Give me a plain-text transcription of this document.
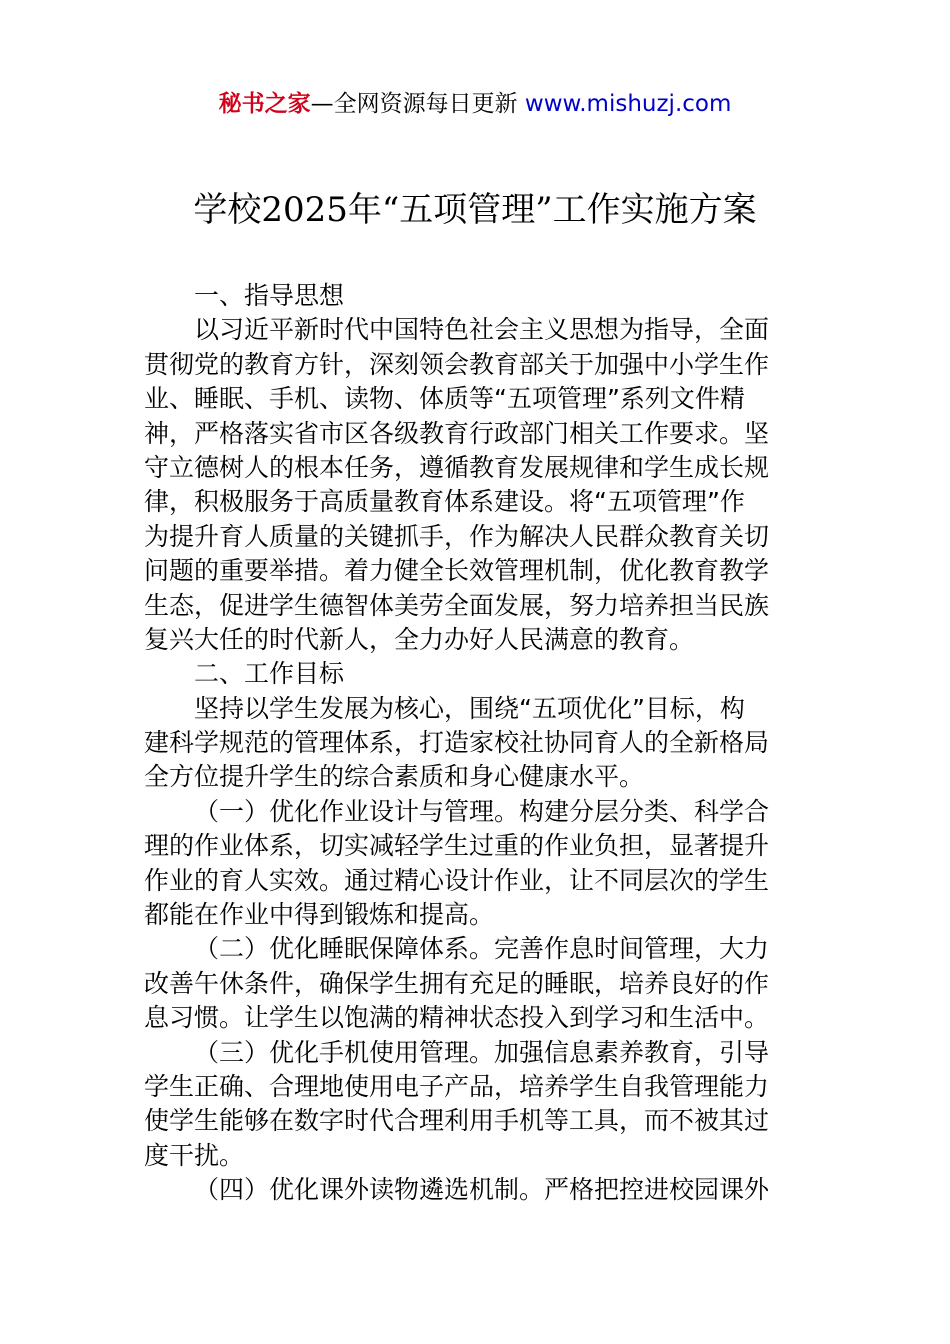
秘书之家—全网资源每日更新 www.mishuzj.com
学校2025年“五项管理”工作实施方案
一、指导思想
以习近平新时代中国特色社会主义思想为指导，全面
贯彻党的教育方针，深刻领会教育部关于加强中小学生作
业、睡眠、手机、读物、体质等“五项管理”系列文件精
神，严格落实省市区各级教育行政部门相关工作要求。坚
守立德树人的根本任务，遵循教育发展规律和学生成长规
律，积极服务于高质量教育体系建设。将“五项管理”作
为提升育人质量的关键抓手，作为解决人民群众教育关切
问题的重要举措。着力健全长效管理机制，优化教育教学
生态，促进学生德智体美劳全面发展，努力培养担当民族
复兴大任的时代新人，全力办好人民满意的教育。
二、工作目标
坚持以学生发展为核心，围绕“五项优化”目标，构
建科学规范的管理体系，打造家校社协同育人的全新格局
全方位提升学生的综合素质和身心健康水平。
（一）优化作业设计与管理。构建分层分类、科学合
理的作业体系，切实减轻学生过重的作业负担，显著提升
作业的育人实效。通过精心设计作业，让不同层次的学生
都能在作业中得到锻炼和提高。
（二）优化睡眠保障体系。完善作息时间管理，大力
改善午休条件，确保学生拥有充足的睡眠，培养良好的作
息习惯。让学生以饱满的精神状态投入到学习和生活中。
（三）优化手机使用管理。加强信息素养教育，引导
学生正确、合理地使用电子产品，培养学生自我管理能力
使学生能够在数字时代合理利用手机等工具，而不被其过
度干扰。
（四）优化课外读物遴选机制。严格把控进校园课外
